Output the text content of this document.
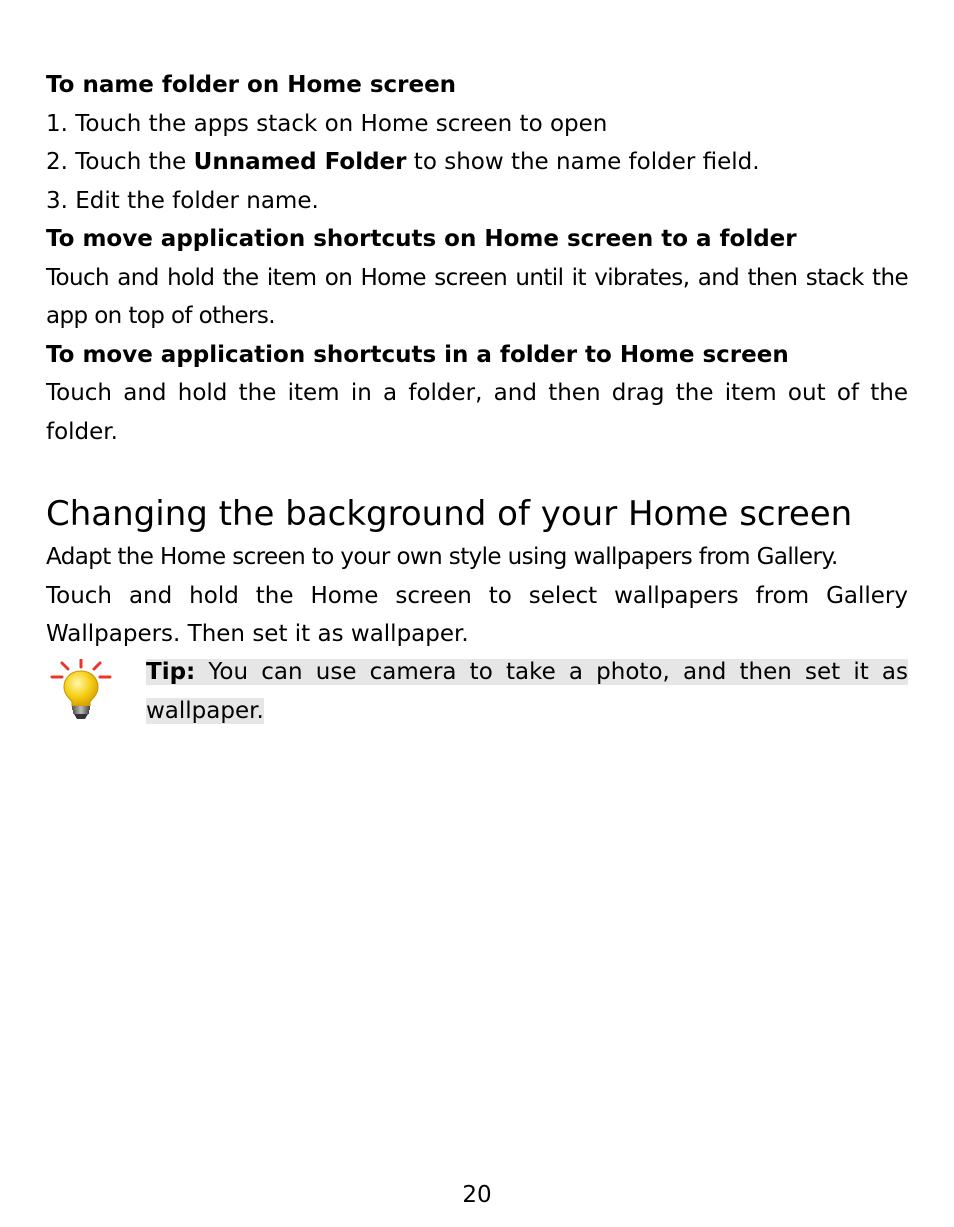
To name folder on Home screen

1. Touch the apps stack on Home screen to open

2. Touch the Unnamed Folder to show the name folder field.

3. Edit the folder name.

To move application shortcuts on Home screen to a folder

Touch and hold the item on Home screen until it vibrates, and then stack the app on top of others.

To move application shortcuts in a folder to Home screen

Touch and hold the item in a folder, and then drag the item out of the folder.

Changing the background of your Home screen

Adapt the Home screen to your own style using wallpapers from Gallery.

Touch and hold the Home screen to select wallpapers from Gallery Wallpapers. Then set it as wallpaper.

Tip: You can use camera to take a photo, and then set it as wallpaper.
20
